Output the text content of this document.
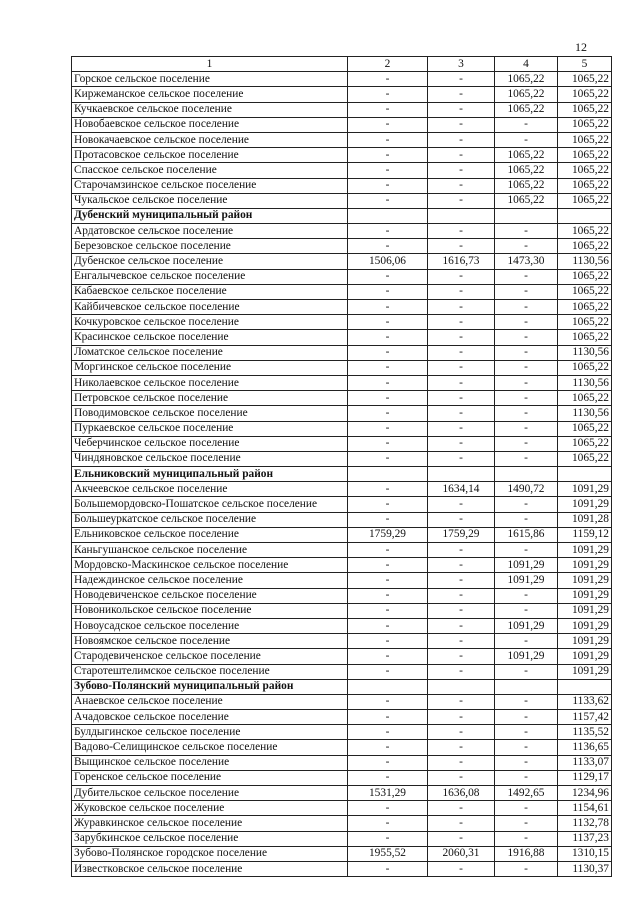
12
1	2	3	4	5
Горское сельское поселение	-	-	1065,22	1065,22
Киржеманское сельское поселение	-	-	1065,22	1065,22
Кучкаевское сельское поселение	-	-	1065,22	1065,22
Новобаевское сельское поселение	-	-	-	1065,22
Новокачаевское сельское поселение	-	-	-	1065,22
Протасовское сельское поселение	-	-	1065,22	1065,22
Спасское сельское поселение	-	-	1065,22	1065,22
Старочамзинское сельское поселение	-	-	1065,22	1065,22
Чукальское сельское поселение	-	-	1065,22	1065,22
Дубенский муниципальный район				
Ардатовское сельское поселение	-	-	-	1065,22
Березовское сельское поселение	-	-	-	1065,22
Дубенское сельское поселение	1506,06	1616,73	1473,30	1130,56
Енгалычевское сельское поселение	-	-	-	1065,22
Кабаевское сельское поселение	-	-	-	1065,22
Кайбичевское сельское поселение	-	-	-	1065,22
Кочкуровское сельское поселение	-	-	-	1065,22
Красинское сельское поселение	-	-	-	1065,22
Ломатское сельское поселение	-	-	-	1130,56
Моргинское сельское поселение	-	-	-	1065,22
Николаевское сельское поселение	-	-	-	1130,56
Петровское сельское поселение	-	-	-	1065,22
Поводимовское сельское поселение	-	-	-	1130,56
Пуркаевское сельское поселение	-	-	-	1065,22
Чеберчинское сельское поселение	-	-	-	1065,22
Чиндяновское сельское поселение	-	-	-	1065,22
Ельниковский муниципальный район				
Акчеевское сельское поселение	-	1634,14	1490,72	1091,29
Большемордовско-Пошатское сельское поселение	-	-	-	1091,29
Большеуркатское сельское поселение	-	-	-	1091,28
Ельниковское сельское поселение	1759,29	1759,29	1615,86	1159,12
Каньгушанское сельское поселение	-	-	-	1091,29
Мордовско-Маскинское сельское поселение	-	-	1091,29	1091,29
Надеждинское сельское поселение	-	-	1091,29	1091,29
Новодевиченское сельское поселение	-	-	-	1091,29
Новоникольское сельское поселение	-	-	-	1091,29
Новоусадское сельское поселение	-	-	1091,29	1091,29
Новоямское сельское поселение	-	-	-	1091,29
Стародевиченское сельское поселение	-	-	1091,29	1091,29
Старотештелимское сельское поселение	-	-	-	1091,29
Зубово-Полянский муниципальный район				
Анаевское сельское поселение	-	-	-	1133,62
Ачадовское сельское поселение	-	-	-	1157,42
Булдыгинское сельское поселение	-	-	-	1135,52
Вадово-Селищинское сельское поселение	-	-	-	1136,65
Выщинское сельское поселение	-	-	-	1133,07
Горенское сельское поселение	-	-	-	1129,17
Дубительское сельское поселение	1531,29	1636,08	1492,65	1234,96
Жуковское сельское поселение	-	-	-	1154,61
Журавкинское сельское поселение	-	-	-	1132,78
Зарубкинское сельское поселение	-	-	-	1137,23
Зубово-Полянское городское поселение	1955,52	2060,31	1916,88	1310,15
Известковское сельское поселение	-	-	-	1130,37
